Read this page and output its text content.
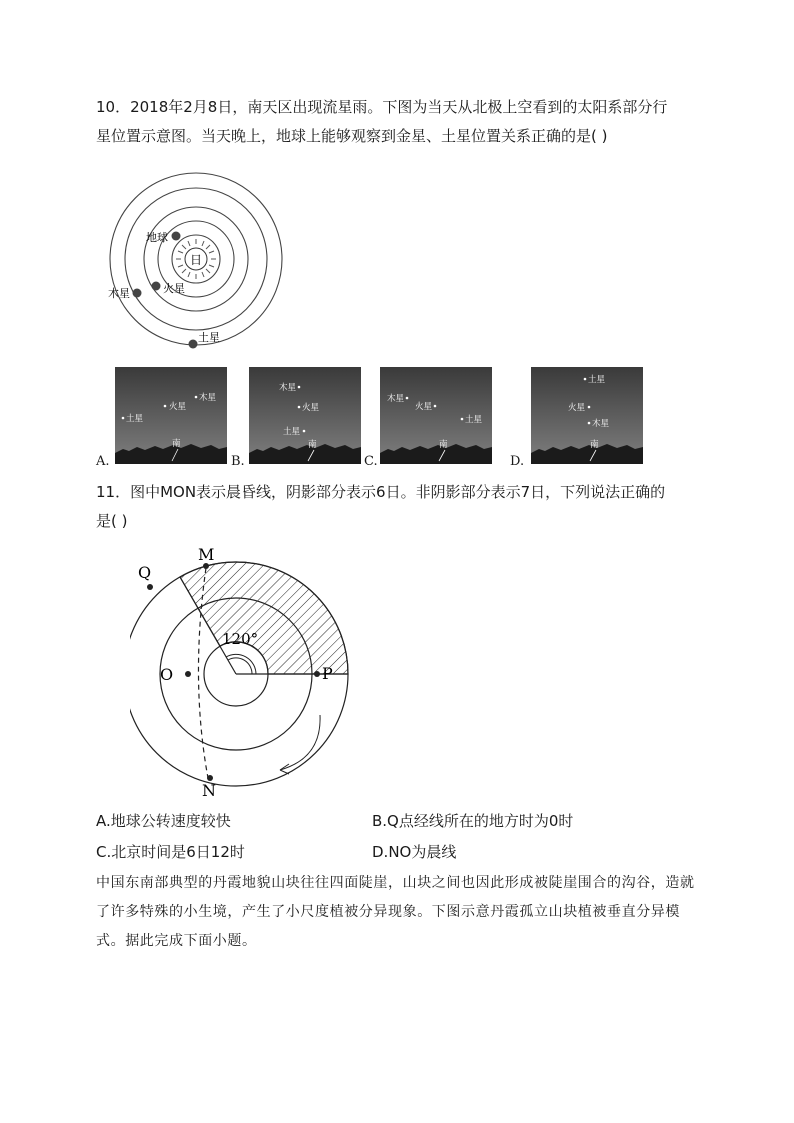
10．2018年2月8日，南天区出现流星雨。下图为当天从北极上空看到的太阳系部分行
星位置示意图。当天晚上，地球上能够观察到金星、土星位置关系正确的是( )
日
地球
火星
木星
土星
土星
火星
木星
南
木星
火星
土星
南
木星
火星
土星
南
土星
火星
木星
南
A.	B.	C.	D.
11．图中MON表示晨昏线，阴影部分表示6日。非阴影部分表示7日，下列说法正确的
是( )
M
Q
O	P
N
120°
A.地球公转速度较快	B.Q点经线所在的地方时为0时
C.北京时间是6日12时	D.NO为晨线

中国东南部典型的丹霞地貌山块往往四面陡崖，山块之间也因此形成被陡崖围合的沟谷，造就了许多特殊的小生境，产生了小尺度植被分异现象。下图示意丹霞孤立山块植被垂直分异模式。据此完成下面小题。
